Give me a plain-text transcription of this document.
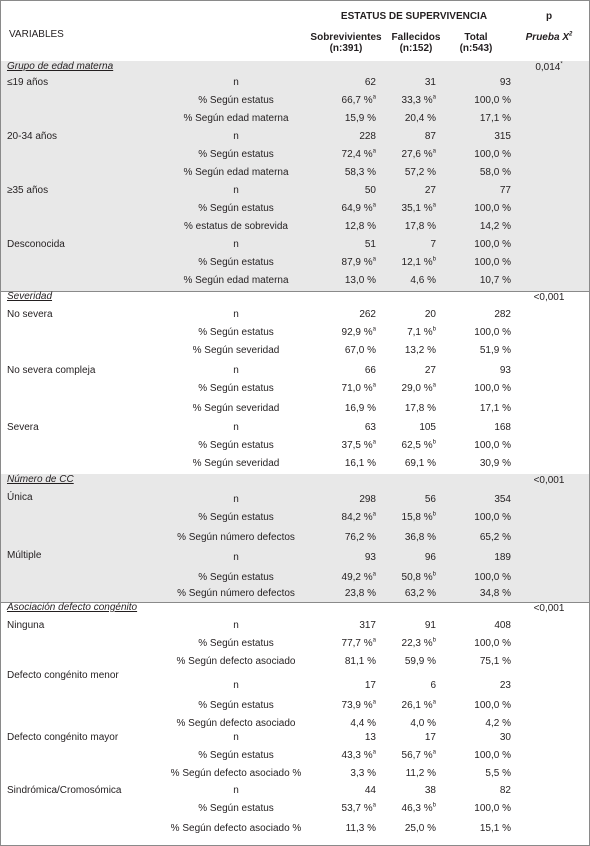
VARIABLES
ESTATUS DE SUPERVIVENCIA	p
Prueba $X^2$
Sobrevivientes
(n:391)
Fallecidos
(n:152)
Total
(n:543)
Grupo de edad materna	0,014*
≤19 años	n	62	31	93
% Según estatus	66,7 %$^a$	33,3 %$^a$	100,0 %
% Según edad materna	15,9 %	20,4 %	17,1 %
20-34 años	n	228	87	315
% Según estatus	72,4 %$^a$	27,6 %$^a$	100,0 %
% Según edad materna	58,3 %	57,2 %	58,0 %
≥35 años	n	50	27	77
% Según estatus	64,9 %$^a$	35,1 %$^a$	100,0 %
% estatus de sobrevida	12,8 %	17,8 %	14,2 %
Desconocida	n	51	7	100,0 %
% Según estatus	87,9 %$^a$	12,1 %$^b$	100,0 %
% Según edad materna	13,0 %	4,6 %	10,7 %
Severidad	<0,001
No severa	n	262	20	282
% Según estatus	92,9 %$^a$	7,1 %$^b$	100,0 %
% Según severidad	67,0 %	13,2 %	51,9 %
No severa compleja	n	66	27	93
% Según estatus	71,0 %$^a$	29,0 %$^a$	100,0 %
% Según severidad	16,9 %	17,8 %	17,1 %
Severa	n	63	105	168
% Según estatus	37,5 %$^a$	62,5 %$^b$	100,0 %
% Según severidad	16,1 %	69,1 %	30,9 %
Número de CC	<0,001
Única	n	298	56	354
% Según estatus	84,2 %$^a$	15,8 %$^b$	100,0 %
% Según número defectos	76,2 %	36,8 %	65,2 %
Múltiple	n	93	96	189
% Según estatus	49,2 %$^a$	50,8 %$^b$	100,0 %
% Según número defectos	23,8 %	63,2 %	34,8 %
Asociación defecto congénito	<0,001
Ninguna	n	317	91	408
% Según estatus	77,7 %$^a$	22,3 %$^b$	100,0 %
% Según defecto asociado	81,1 %	59,9 %	75,1 %
Defecto congénito menor
n	17	6	23
% Según estatus	73,9 %$^a$	26,1 %$^a$	100,0 %
% Según defecto asociado	4,4 %	4,0 %	4,2 %
Defecto congénito mayor	n	13	17	30
% Según estatus	43,3 %$^a$	56,7 %$^a$	100,0 %
% Según defecto asociado %	3,3 %	11,2 %	5,5 %
Sindrómica/Cromosómica	n	44	38	82
% Según estatus	53,7 %$^a$	46,3 %$^b$	100,0 %
% Según defecto asociado %	11,3 %	25,0 %	15,1 %
